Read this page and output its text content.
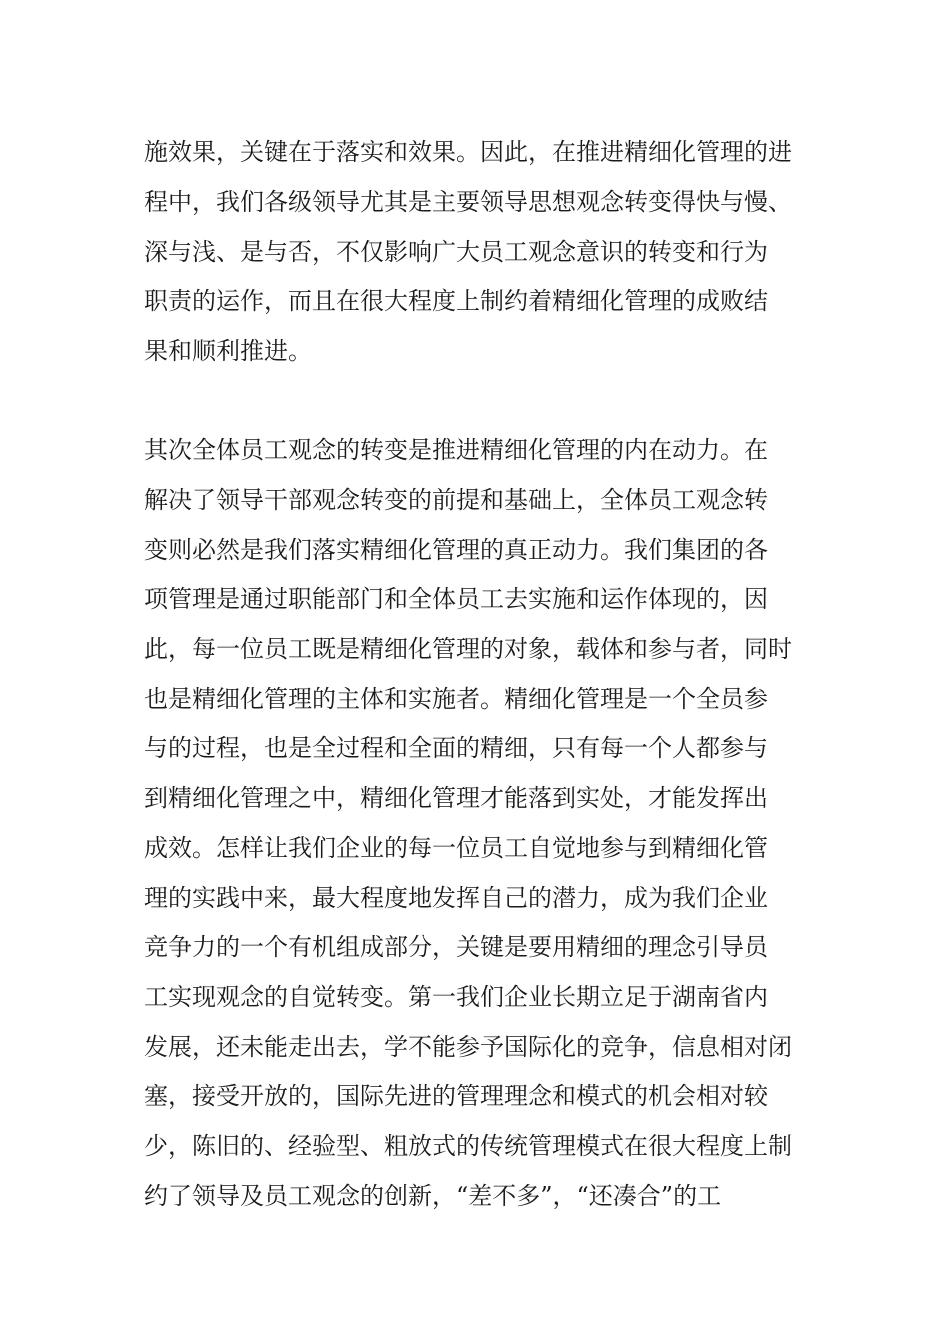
施效果，关键在于落实和效果。因此，在推进精细化管理的进
程中，我们各级领导尤其是主要领导思想观念转变得快与慢、
深与浅、是与否，不仅影响广大员工观念意识的转变和行为
职责的运作，而且在很大程度上制约着精细化管理的成败结
果和顺利推进。
其次全体员工观念的转变是推进精细化管理的内在动力。在
解决了领导干部观念转变的前提和基础上，全体员工观念转
变则必然是我们落实精细化管理的真正动力。我们集团的各
项管理是通过职能部门和全体员工去实施和运作体现的，因
此，每一位员工既是精细化管理的对象，载体和参与者，同时
也是精细化管理的主体和实施者。精细化管理是一个全员参
与的过程，也是全过程和全面的精细，只有每一个人都参与
到精细化管理之中，精细化管理才能落到实处，才能发挥出
成效。怎样让我们企业的每一位员工自觉地参与到精细化管
理的实践中来，最大程度地发挥自己的潜力，成为我们企业
竞争力的一个有机组成部分，关键是要用精细的理念引导员
工实现观念的自觉转变。第一我们企业长期立足于湖南省内
发展，还未能走出去，学不能参予国际化的竞争，信息相对闭
塞，接受开放的，国际先进的管理理念和模式的机会相对较
少，陈旧的、经验型、粗放式的传统管理模式在很大程度上制
约了领导及员工观念的创新，“差不多”，“还凑合”的工
